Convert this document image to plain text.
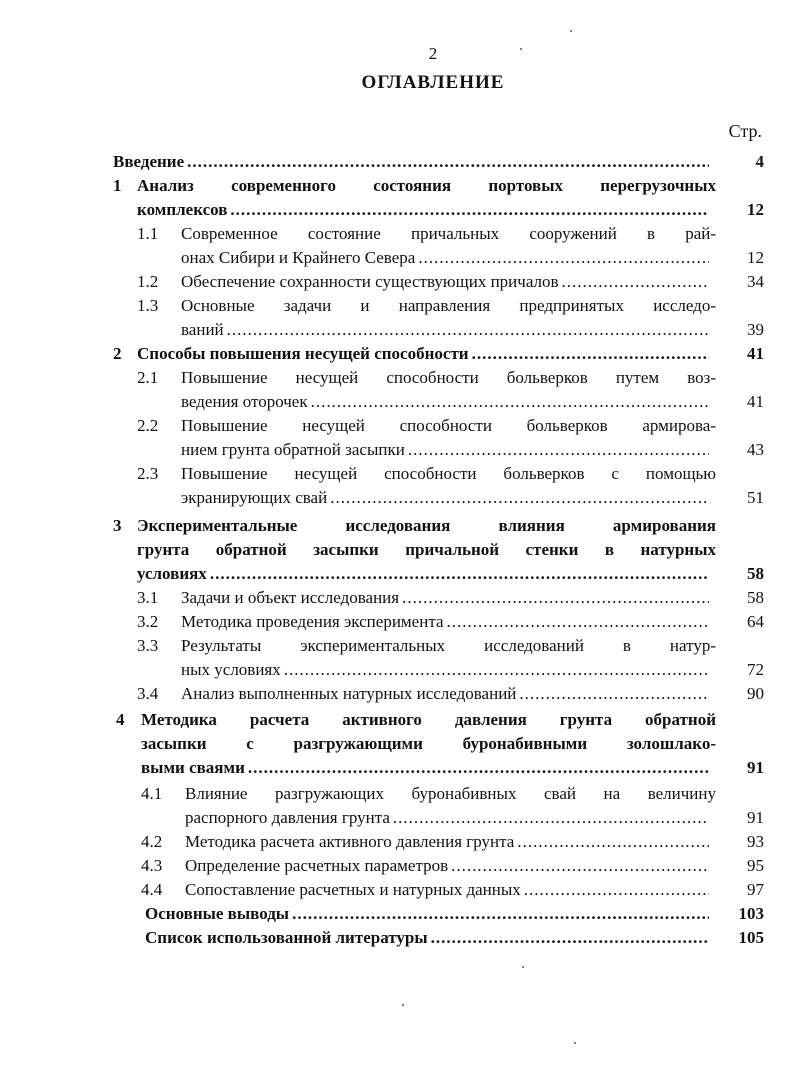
2
ОГЛАВЛЕНИЕ
Стр.
Введение .....	4
1 Анализ современного состояния портовых перегрузочных
комплексов .....	12
1.1 Современное состояние причальных сооружений в рай-
онах Сибири и Крайнего Севера .....	12
1.2 Обеспечение сохранности существующих причалов .....	34
1.3 Основные задачи и направления предпринятых исследо-
ваний .....	39
2 Способы повышения несущей способности .....	41
2.1 Повышение несущей способности больверков путем воз-
ведения оторочек .....	41
2.2 Повышение несущей способности больверков армирова-
нием грунта обратной засыпки .....	43
2.3 Повышение несущей способности больверков с помощью
экранирующих свай .....	51
3 Экспериментальные исследования влияния армирования
грунта обратной засыпки причальной стенки в натурных
условиях .....	58
3.1 Задачи и объект исследования .....	58
3.2 Методика проведения эксперимента .....	64
3.3 Результаты экспериментальных исследований в натур-
ных условиях .....	72
3.4 Анализ выполненных натурных исследований .....	90
4 Методика расчета активного давления грунта обратной
засыпки с разгружающими буронабивными золошлако-
выми сваями .....	91
4.1 Влияние разгружающих буронабивных свай на величину
распорного давления грунта .....	91
4.2 Методика расчета активного давления грунта .....	93
4.3 Определение расчетных параметров .....	95
4.4 Сопоставление расчетных и натурных данных .....	97
Основные выводы .....	103
Список использованной литературы .....	105
